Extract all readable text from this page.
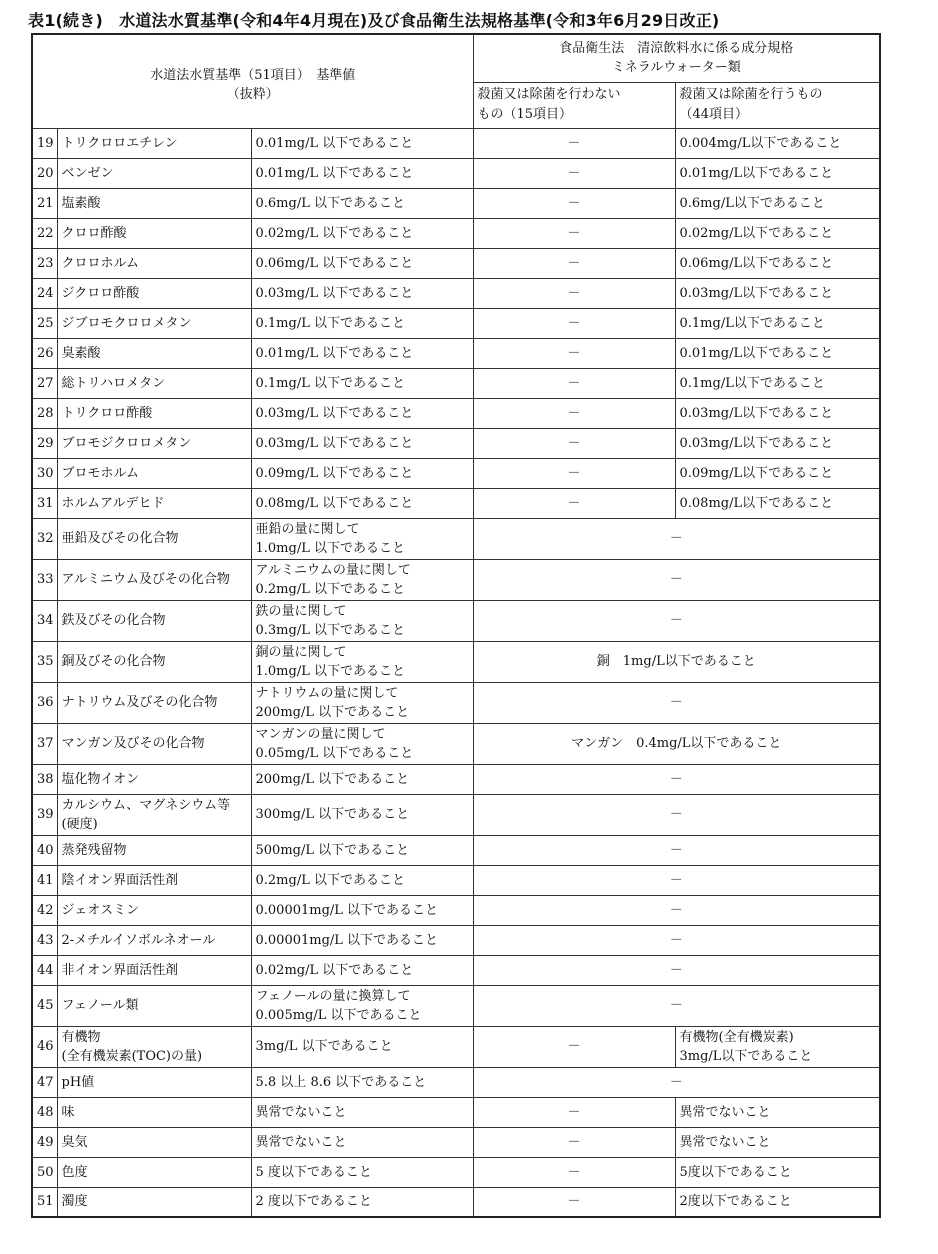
表1(続き)　水道法水質基準(令和4年4月現在)及び食品衛生法規格基準(令和3年6月29日改正)
水道法水質基準（51項目）　基準値
（抜粋）			食品衛生法　清涼飲料水に係る成分規格
ミネラルウォーター類	

			殺菌又は除菌を行わない
もの（15項目）	殺菌又は除菌を行うもの
（44項目）

19	トリクロロエチレン	0.01mg/L 以下であること	－	0.004mg/L以下であること
20	ベンゼン	0.01mg/L 以下であること	－	0.01mg/L以下であること
21	塩素酸	0.6mg/L 以下であること	－	0.6mg/L以下であること
22	クロロ酢酸	0.02mg/L 以下であること	－	0.02mg/L以下であること
23	クロロホルム	0.06mg/L 以下であること	－	0.06mg/L以下であること
24	ジクロロ酢酸	0.03mg/L 以下であること	－	0.03mg/L以下であること
25	ジブロモクロロメタン	0.1mg/L 以下であること	－	0.1mg/L以下であること
26	臭素酸	0.01mg/L 以下であること	－	0.01mg/L以下であること
27	総トリハロメタン	0.1mg/L 以下であること	－	0.1mg/L以下であること
28	トリクロロ酢酸	0.03mg/L 以下であること	－	0.03mg/L以下であること
29	ブロモジクロロメタン	0.03mg/L 以下であること	－	0.03mg/L以下であること
30	ブロモホルム	0.09mg/L 以下であること	－	0.09mg/L以下であること
31	ホルムアルデヒド	0.08mg/L 以下であること	－	0.08mg/L以下であること
32	亜鉛及びその化合物	亜鉛の量に関して
1.0mg/L 以下であること	－	
33	アルミニウム及びその化合物	アルミニウムの量に関して
0.2mg/L 以下であること	－	
34	鉄及びその化合物	鉄の量に関して
0.3mg/L 以下であること	－	
35	銅及びその化合物	銅の量に関して
1.0mg/L 以下であること	銅　1mg/L以下であること	
36	ナトリウム及びその化合物	ナトリウムの量に関して
200mg/L 以下であること	－	
37	マンガン及びその化合物	マンガンの量に関して
0.05mg/L 以下であること	マンガン　0.4mg/L以下であること	
38	塩化物イオン	200mg/L 以下であること	－	
39	カルシウム、マグネシウム等
(硬度)	300mg/L 以下であること	－	
40	蒸発残留物	500mg/L 以下であること	－	
41	陰イオン界面活性剤	0.2mg/L 以下であること	－	
42	ジェオスミン	0.00001mg/L 以下であること	－	
43	2-メチルイソボルネオール	0.00001mg/L 以下であること	－	
44	非イオン界面活性剤	0.02mg/L 以下であること	－	
45	フェノール類	フェノールの量に換算して
0.005mg/L 以下であること	－	
46	有機物
(全有機炭素(TOC)の量)	3mg/L 以下であること	－	有機物(全有機炭素)
3mg/L以下であること

47	pH値	5.8 以上 8.6 以下であること	－	
48	味	異常でないこと	－	異常でないこと
49	臭気	異常でないこと	－	異常でないこと
50	色度	5 度以下であること	－	5度以下であること
51	濁度	2 度以下であること	－	2度以下であること
